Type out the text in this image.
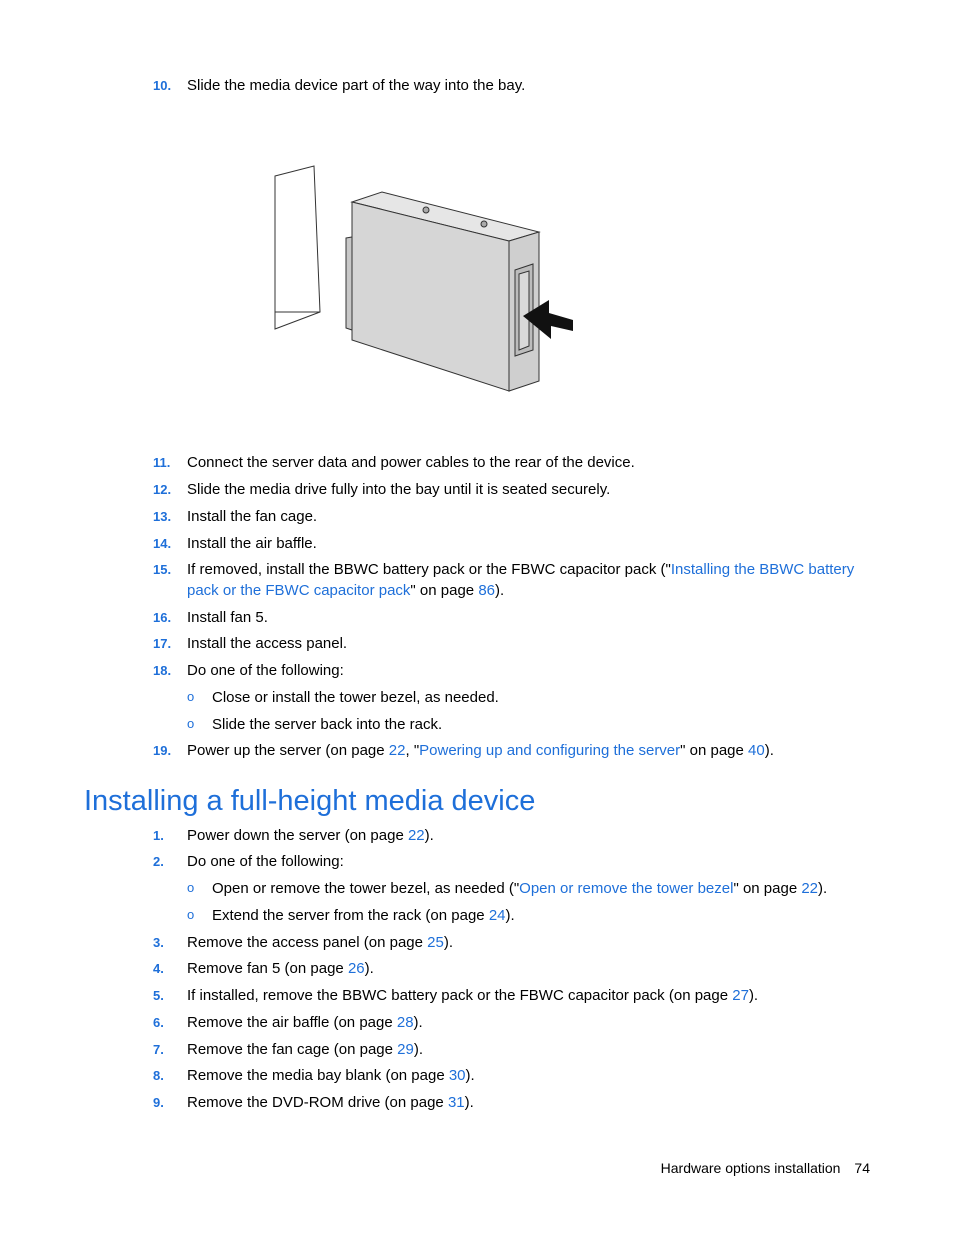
10.	Slide the media device part of the way into the bay.
11.	Connect the server data and power cables to the rear of the device.
12.	Slide the media drive fully into the bay until it is seated securely.
13.	Install the fan cage.
14.	Install the air baffle.
15.	If removed, install the BBWC battery pack or the FBWC capacitor pack ("Installing the BBWC battery pack or the FBWC capacitor pack" on page 86).
16.	Install fan 5.
17.	Install the access panel.
18.	Do one of the following:
o Close or install the tower bezel, as needed.
o Slide the server back into the rack.
19.	Power up the server (on page 22, "Powering up and configuring the server" on page 40).
Installing a full-height media device
1.	Power down the server (on page 22).
2.	Do one of the following:
o Open or remove the tower bezel, as needed ("Open or remove the tower bezel" on page 22).
o Extend the server from the rack (on page 24).
3.	Remove the access panel (on page 25).
4.	Remove fan 5 (on page 26).
5.	If installed, remove the BBWC battery pack or the FBWC capacitor pack (on page 27).
6.	Remove the air baffle (on page 28).
7.	Remove the fan cage (on page 29).
8.	Remove the media bay blank (on page 30).
9.	Remove the DVD-ROM drive (on page 31).
Hardware options installation 74
